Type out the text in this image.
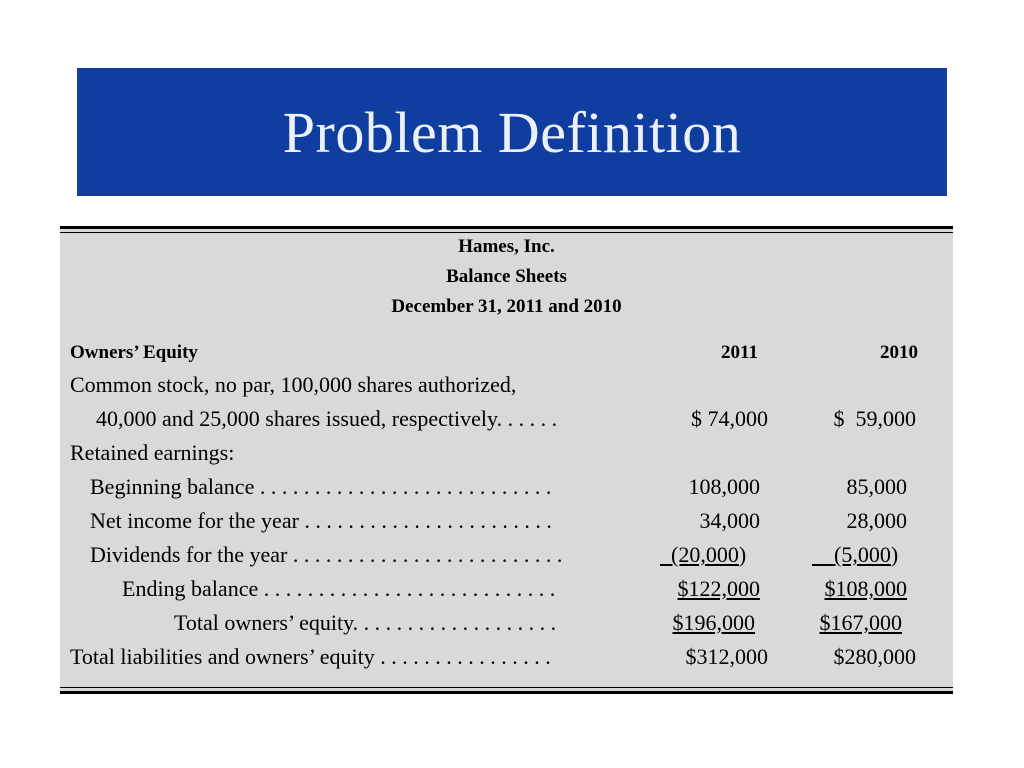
Problem Definition
Hames, Inc.
Balance Sheets
December 31, 2011 and 2010
Owners’ Equity	2011	2010
Common stock, no par, 100,000 shares authorized,
40,000 and 25,000 shares issued, respectively. . . . . .	$ 74,000	$  59,000
Retained earnings:
Beginning balance . . . . . . . . . . . . . . . . . . . . . . . . . . .	108,000	85,000
Net income for the year . . . . . . . . . . . . . . . . . . . . . . .	34,000	28,000
Dividends for the year . . . . . . . . . . . . . . . . . . . . . . . . .	(20,000)	(5,000)
Ending balance . . . . . . . . . . . . . . . . . . . . . . . . . . .	$122,000	$108,000
Total owners’ equity. . . . . . . . . . . . . . . . . . .	$196,000	$167,000
Total liabilities and owners’ equity . . . . . . . . . . . . . . . .	$312,000	$280,000
